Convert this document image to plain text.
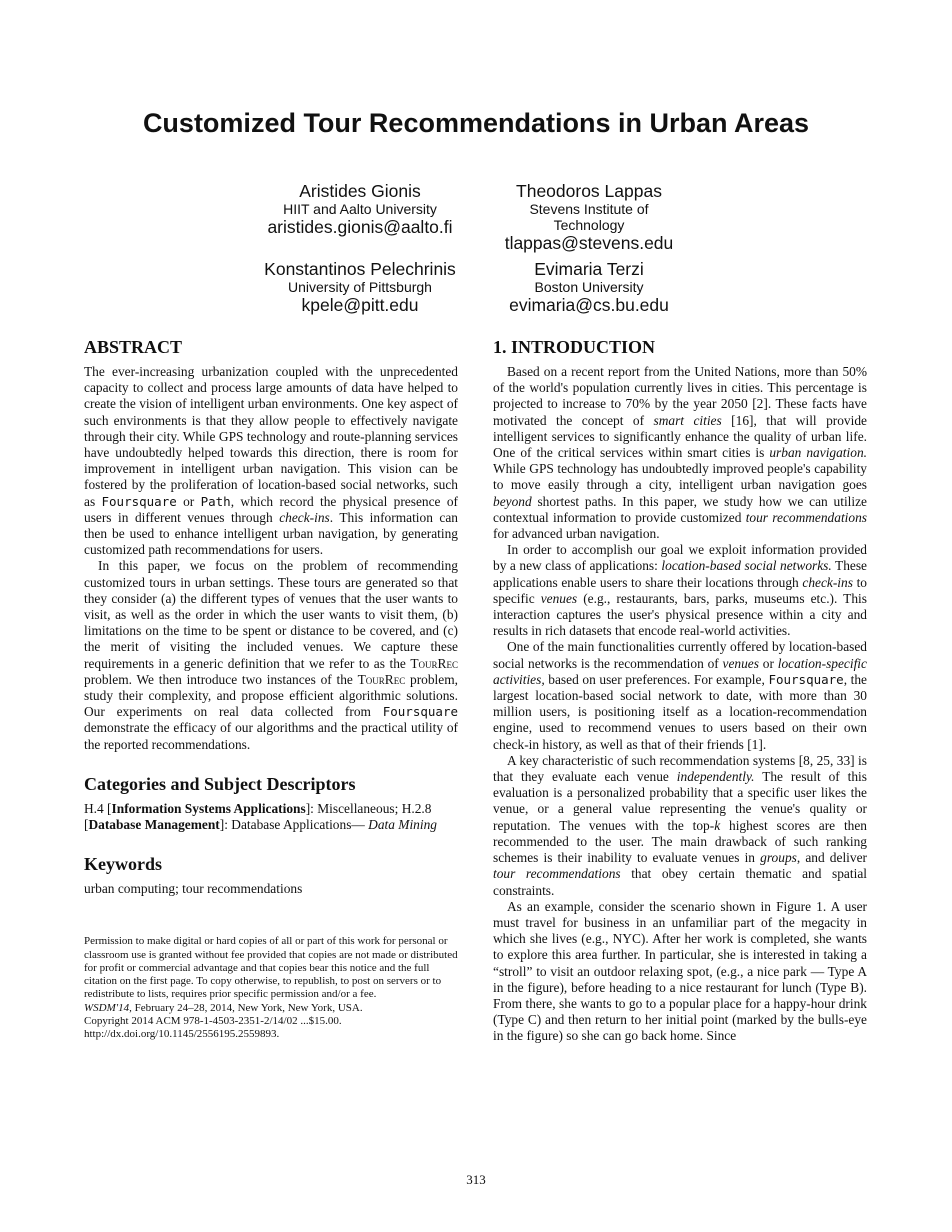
Customized Tour Recommendations in Urban Areas
Aristides Gionis
HIIT and Aalto University
aristides.gionis@aalto.fi
Theodoros Lappas
Stevens Institute of
Technology
tlappas@stevens.edu
Konstantinos Pelechrinis
University of Pittsburgh
kpele@pitt.edu
Evimaria Terzi
Boston University
evimaria@cs.bu.edu
ABSTRACT

The ever-increasing urbanization coupled with the unprecedented capacity to collect and process large amounts of data have helped to create the vision of intelligent urban environments. One key aspect of such environments is that they allow people to effectively navigate through their city. While GPS technology and route-planning services have undoubtedly helped towards this direction, there is room for improvement in intelligent urban navigation. This vision can be fostered by the proliferation of location-based social networks, such as Foursquare or Path, which record the physical presence of users in different venues through check-ins. This information can then be used to enhance intelligent urban navigation, by generating customized path recommendations for users.

In this paper, we focus on the problem of recommending customized tours in urban settings. These tours are generated so that they consider (a) the different types of venues that the user wants to visit, as well as the order in which the user wants to visit them, (b) limitations on the time to be spent or distance to be covered, and (c) the merit of visiting the included venues. We capture these requirements in a generic definition that we refer to as the TourRec problem. We then introduce two instances of the TourRec problem, study their complexity, and propose efficient algorithmic solutions. Our experiments on real data collected from Foursquare demonstrate the efficacy of our algorithms and the practical utility of the reported recommendations.

Categories and Subject Descriptors

H.4 [Information Systems Applications]: Miscellaneous; H.2.8 [Database Management]: Database Applications— Data Mining

Keywords

urban computing; tour recommendations

Permission to make digital or hard copies of all or part of this work for personal or classroom use is granted without fee provided that copies are not made or distributed for profit or commercial advantage and that copies bear this notice and the full citation on the first page. To copy otherwise, to republish, to post on servers or to redistribute to lists, requires prior specific permission and/or a fee.

WSDM'14, February 24–28, 2014, New York, New York, USA.

Copyright 2014 ACM 978-1-4503-2351-2/14/02 ...$15.00.

http://dx.doi.org/10.1145/2556195.2559893.

1. INTRODUCTION

Based on a recent report from the United Nations, more than 50% of the world's population currently lives in cities. This percentage is projected to increase to 70% by the year 2050 [2]. These facts have motivated the concept of smart cities [16], that will provide intelligent services to significantly enhance the quality of urban life. One of the critical services within smart cities is urban navigation. While GPS technology has undoubtedly improved people's capability to move easily through a city, intelligent urban navigation goes beyond shortest paths. In this paper, we study how we can utilize contextual information to provide customized tour recommendations for advanced urban navigation.

In order to accomplish our goal we exploit information provided by a new class of applications: location-based social networks. These applications enable users to share their locations through check-ins to specific venues (e.g., restaurants, bars, parks, museums etc.). This interaction captures the user's physical presence within a city and results in rich datasets that encode real-world activities.

One of the main functionalities currently offered by location-based social networks is the recommendation of venues or location-specific activities, based on user preferences. For example, Foursquare, the largest location-based social network to date, with more than 30 million users, is positioning itself as a location-recommendation engine, used to recommend venues to users based on their own check-in history, as well as that of their friends [1].

A key characteristic of such recommendation systems [8, 25, 33] is that they evaluate each venue independently. The result of this evaluation is a personalized probability that a specific user likes the venue, or a general value representing the venue's quality or reputation. The venues with the top-k highest scores are then recommended to the user. The main drawback of such ranking schemes is their inability to evaluate venues in groups, and deliver tour recommendations that obey certain thematic and spatial constraints.

As an example, consider the scenario shown in Figure 1. A user must travel for business in an unfamiliar part of the megacity in which she lives (e.g., NYC). After her work is completed, she wants to explore this area further. In particular, she is interested in taking a “stroll” to visit an outdoor relaxing spot, (e.g., a nice park — Type A in the figure), before heading to a nice restaurant for lunch (Type B). From there, she wants to go to a popular place for a happy-hour drink (Type C) and then return to her initial point (marked by the bulls-eye in the figure) so she can go back home. Since

313
